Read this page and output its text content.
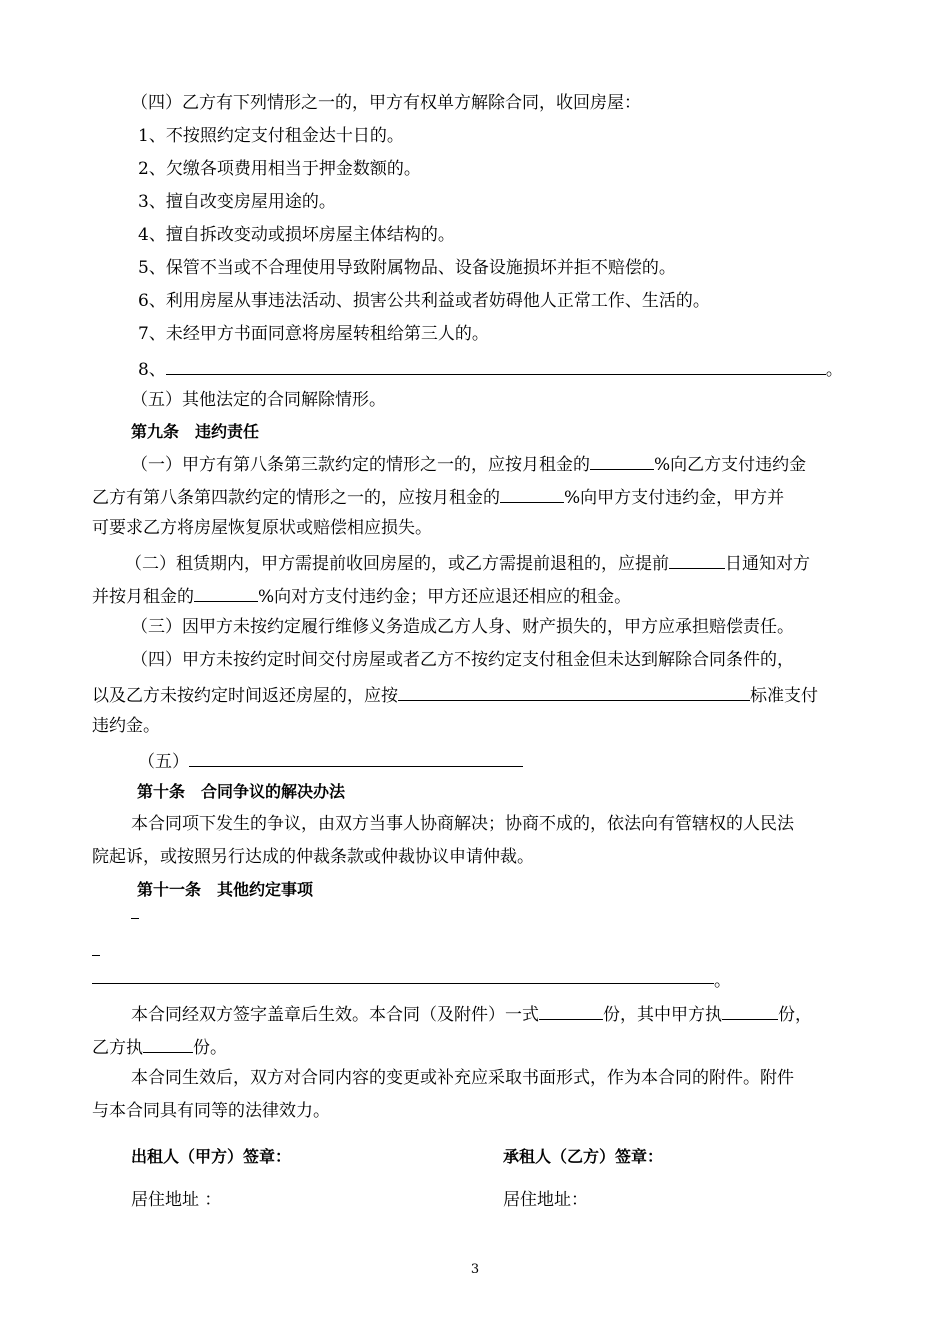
（四）乙方有下列情形之一的，甲方有权单方解除合同，收回房屋：
1、不按照约定支付租金达十日的。
2、欠缴各项费用相当于押金数额的。
3、擅自改变房屋用途的。
4、擅自拆改变动或损坏房屋主体结构的。
5、保管不当或不合理使用导致附属物品、设备设施损坏并拒不赔偿的。
6、利用房屋从事违法活动、损害公共利益或者妨碍他人正常工作、生活的。
7、未经甲方书面同意将房屋转租给第三人的。
8、	。
（五）其他法定的合同解除情形。
第九条　违约责任
（一）甲方有第八条第三款约定的情形之一的，应按月租金的	%向乙方支付违约金
乙方有第八条第四款约定的情形之一的，应按月租金的	%向甲方支付违约金，甲方并
可要求乙方将房屋恢复原状或赔偿相应损失。
（二）租赁期内，甲方需提前收回房屋的，或乙方需提前退租的，应提前	日通知对方
并按月租金的	%向对方支付违约金；甲方还应退还相应的租金。
（三）因甲方未按约定履行维修义务造成乙方人身、财产损失的，甲方应承担赔偿责任。
（四）甲方未按约定时间交付房屋或者乙方不按约定支付租金但未达到解除合同条件的，
以及乙方未按约定时间返还房屋的，应按	标准支付
违约金。
（五）
第十条　合同争议的解决办法
本合同项下发生的争议，由双方当事人协商解决；协商不成的，依法向有管辖权的人民法
院起诉，或按照另行达成的仲裁条款或仲裁协议申请仲裁。
第十一条　其他约定事项
。
本合同经双方签字盖章后生效。本合同（及附件）一式	份，其中甲方执	份，
乙方执	份。
本合同生效后，双方对合同内容的变更或补充应采取书面形式，作为本合同的附件。附件
与本合同具有同等的法律效力。
出租人（甲方）签章：	承租人（乙方）签章：
居住地址 ：	居住地址：
3
